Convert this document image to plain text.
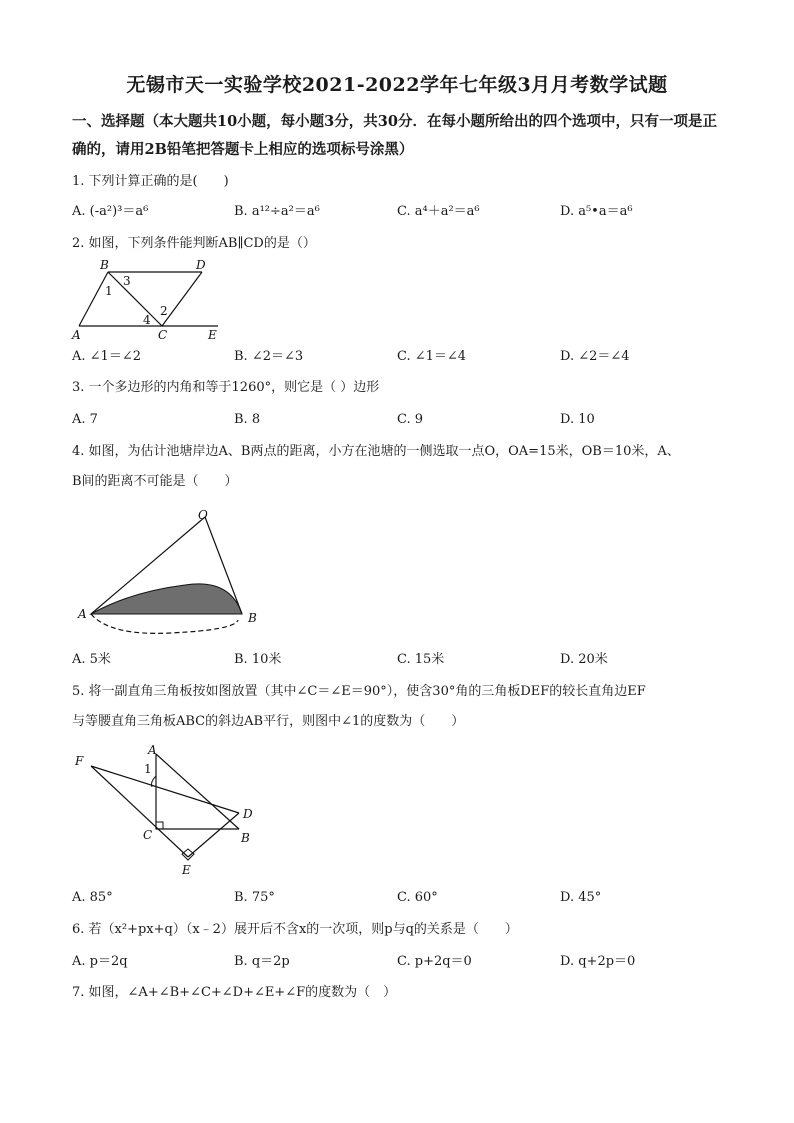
无锡市天一实验学校2021-2022学年七年级3月月考数学试题
一、选择题（本大题共10小题，每小题3分，共30分．在每小题所给出的四个选项中，只有一项是正确的，请用2B铅笔把答题卡上相应的选项标号涂黑）
1. 下列计算正确的是(　　)
A. (-a²)³＝a⁶	B. a¹²÷a²＝a⁶	C. a⁴＋a²＝a⁶	D. a⁵•a＝a⁶
2. 如图，下列条件能判断AB∥CD的是（）
B	D
1
3
2
4
A	C	E
A. ∠1＝∠2	B. ∠2＝∠3	C. ∠1＝∠4	D. ∠2＝∠4
3. 一个多边形的内角和等于1260°，则它是（ ）边形
A. 7	B. 8	C. 9	D. 10
4. 如图，为估计池塘岸边A、B两点的距离，小方在池塘的一侧选取一点O，OA=15米，OB＝10米，A、
B间的距离不可能是（　　）
O
A	B
A. 5米	B. 10米	C. 15米	D. 20米
5. 将一副直角三角板按如图放置（其中∠C＝∠E＝90°），使含30°角的三角板DEF的较长直角边EF
与等腰直角三角板ABC的斜边AB平行，则图中∠1的度数为（　　）
A
F
1
D
C	B
E
A. 85°	B. 75°	C. 60°	D. 45°
6. 若（x²+px+q）（x﹣2）展开后不含x的一次项，则p与q的关系是（　　）
A. p＝2q	B. q＝2p	C. p+2q＝0	D. q+2p＝0
7. 如图，∠A+∠B+∠C+∠D+∠E+∠F的度数为（　）
